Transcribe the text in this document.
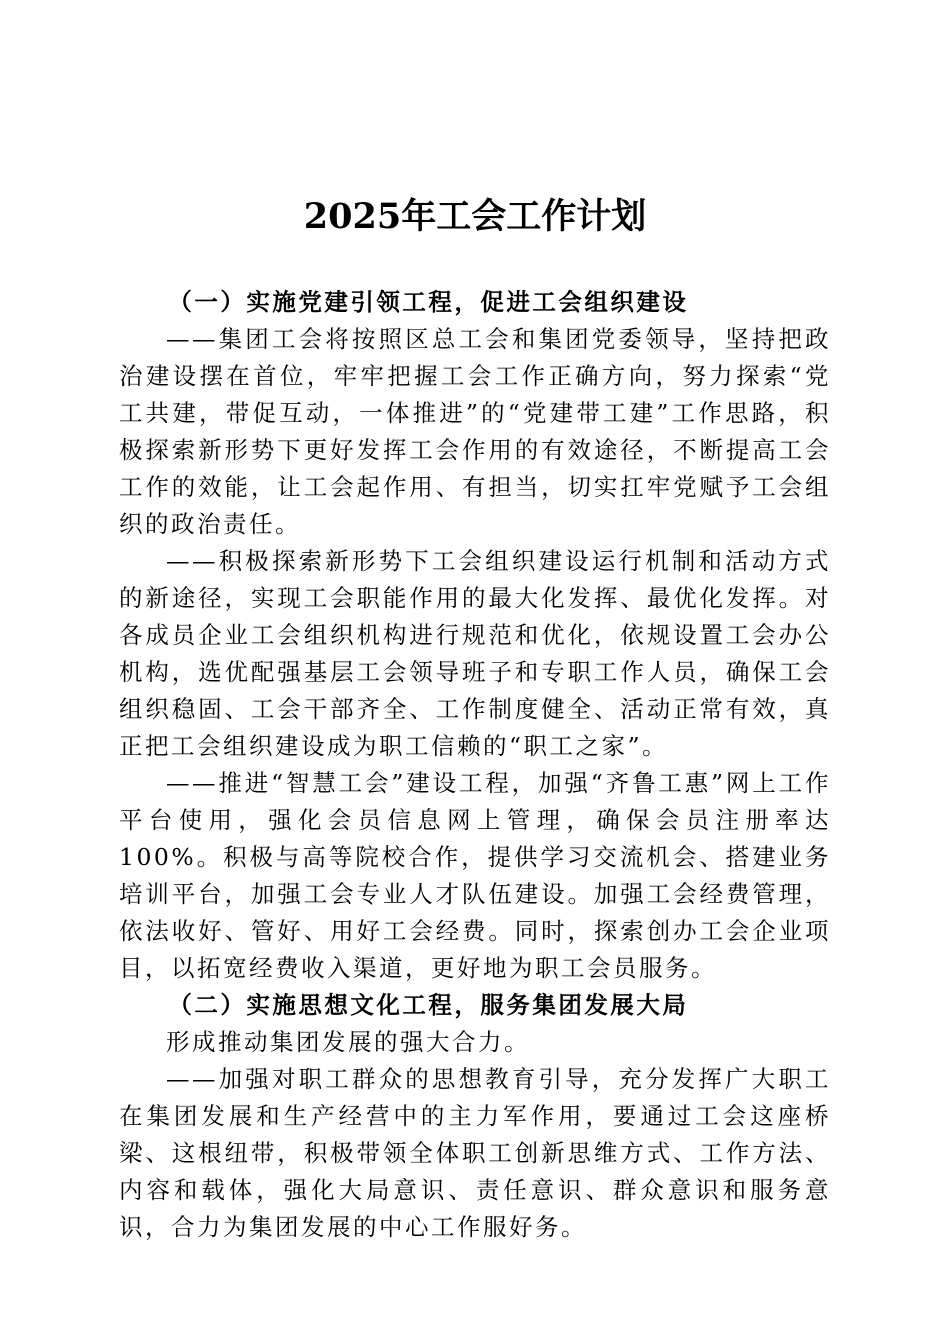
2025年工会工作计划

（一）实施党建引领工程，促进工会组织建设

——集团工会将按照区总工会和集团党委领导，坚持把政治建设摆在首位，牢牢把握工会工作正确方向，努力探索“党工共建，带促互动，一体推进”的“党建带工建”工作思路，积极探索新形势下更好发挥工会作用的有效途径，不断提高工会工作的效能，让工会起作用、有担当，切实扛牢党赋予工会组织的政治责任。

——积极探索新形势下工会组织建设运行机制和活动方式的新途径，实现工会职能作用的最大化发挥、最优化发挥。对各成员企业工会组织机构进行规范和优化，依规设置工会办公机构，选优配强基层工会领导班子和专职工作人员，确保工会组织稳固、工会干部齐全、工作制度健全、活动正常有效，真正把工会组织建设成为职工信赖的“职工之家”。

——推进“智慧工会”建设工程，加强“齐鲁工惠”网上工作平台使用，强化会员信息网上管理，确保会员注册率达100%。积极与高等院校合作，提供学习交流机会、搭建业务培训平台，加强工会专业人才队伍建设。加强工会经费管理，依法收好、管好、用好工会经费。同时，探索创办工会企业项目，以拓宽经费收入渠道，更好地为职工会员服务。

（二）实施思想文化工程，服务集团发展大局

形成推动集团发展的强大合力。

——加强对职工群众的思想教育引导，充分发挥广大职工在集团发展和生产经营中的主力军作用，要通过工会这座桥梁、这根纽带，积极带领全体职工创新思维方式、工作方法、内容和载体，强化大局意识、责任意识、群众意识和服务意识，合力为集团发展的中心工作服好务。
